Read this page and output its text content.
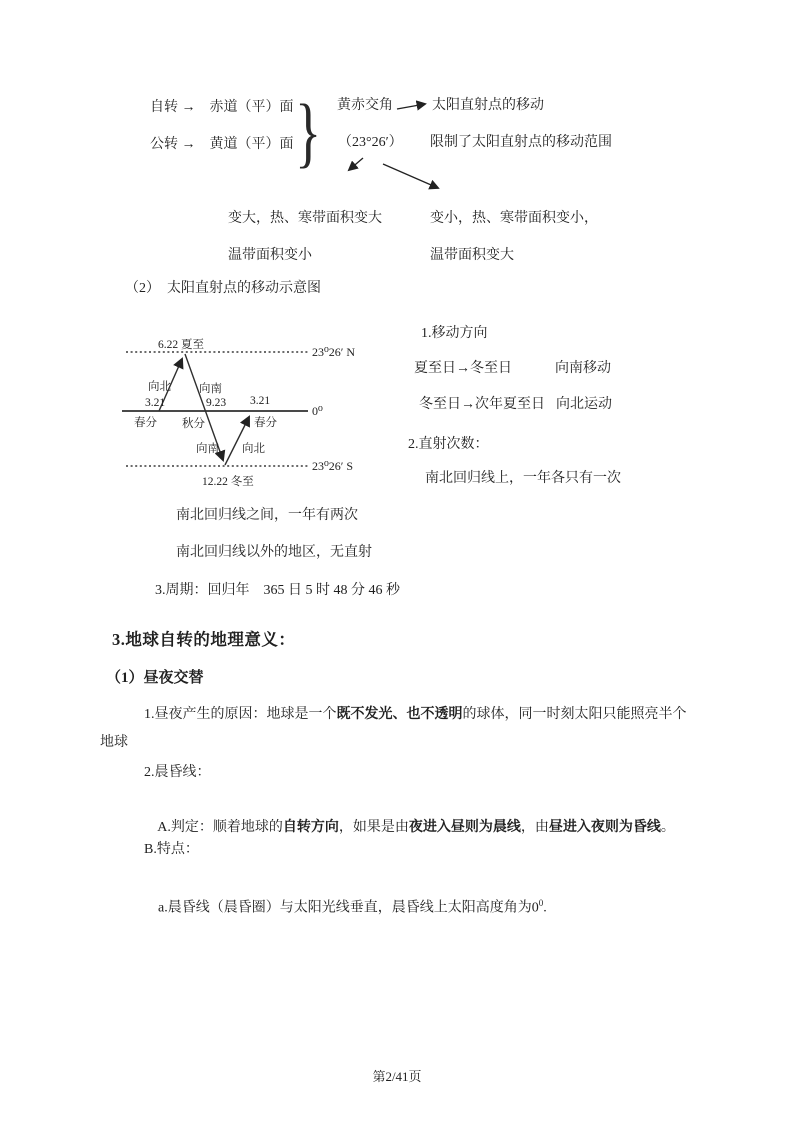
自转 →　赤道（平）面
公转 →　黄道（平）面 } 黄赤交角	太阳直射点的移动
（23°26′） 限制了太阳直射点的移动范围
变大，热、寒带面积变大	变小，热、寒带面积变小，
温带面积变小	温带面积变大
（2）　太阳直射点的移动示意图
23⁰26′ N
0⁰
23⁰26′ S
6.22 夏至
12.22 冬至
3.21
春分
9.23
秋分
3.21
春分
向北 向南
向南 向北
1.移动方向
夏至日→冬至日	向南移动
冬至日→次年夏至日 向北运动
2.直射次数：
南北回归线上，一年各只有一次
南北回归线之间，一年有两次
南北回归线以外的地区，无直射
3.周期：回归年　365 日 5 时 48 分 46 秒
3.地球自转的地理意义：
（1）昼夜交替
1.昼夜产生的原因：地球是一个既不发光、也不透明的球体，同一时刻太阳只能照亮半个地球
2.晨昏线：

A.判定：顺着地球的自转方向，如果是由夜进入昼则为晨线，由昼进入夜则为昏线。

B.特点：

a.晨昏线（晨昏圈）与太阳光线垂直，晨昏线上太阳高度角为$0^0$.

第2/41页
